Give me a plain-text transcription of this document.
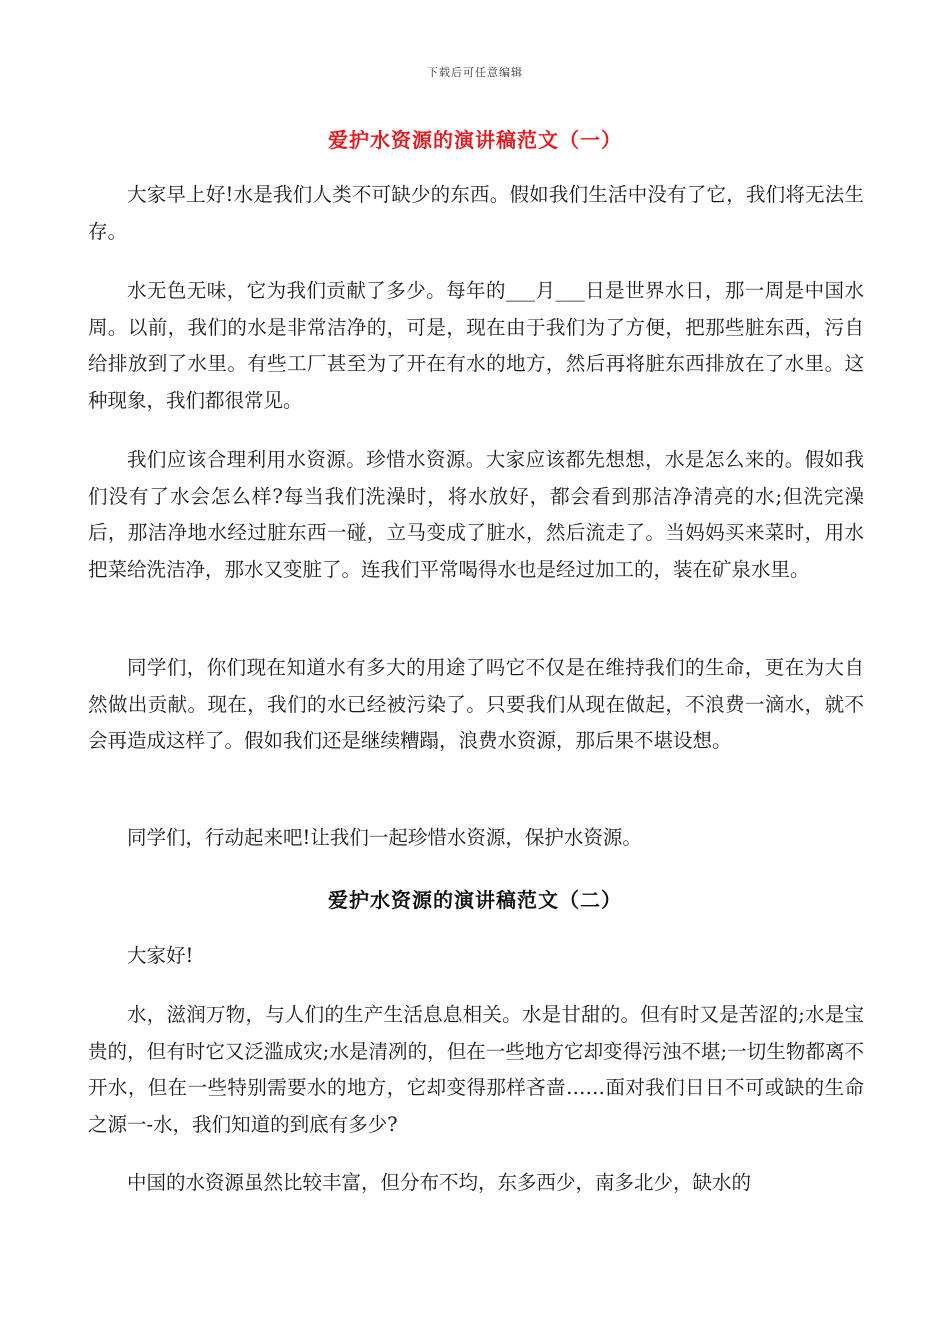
下载后可任意编辑
爱护水资源的演讲稿范文（一）

大家早上好!水是我们人类不可缺少的东西。假如我们生活中没有了它，我们将无法生存。

水无色无味，它为我们贡献了多少。每年的___月___日是世界水日，那一周是中国水周。以前，我们的水是非常洁净的，可是，现在由于我们为了方便，把那些脏东西，污自给排放到了水里。有些工厂甚至为了开在有水的地方，然后再将脏东西排放在了水里。这种现象，我们都很常见。

我们应该合理利用水资源。珍惜水资源。大家应该都先想想，水是怎么来的。假如我们没有了水会怎么样?每当我们洗澡时，将水放好，都会看到那洁净清亮的水;但洗完澡后，那洁净地水经过脏东西一碰，立马变成了脏水，然后流走了。当妈妈买来菜时，用水把菜给洗洁净，那水又变脏了。连我们平常喝得水也是经过加工的，装在矿泉水里。

同学们，你们现在知道水有多大的用途了吗它不仅是在维持我们的生命，更在为大自然做出贡献。现在，我们的水已经被污染了。只要我们从现在做起，不浪费一滴水，就不会再造成这样了。假如我们还是继续糟蹋，浪费水资源，那后果不堪设想。

同学们，行动起来吧!让我们一起珍惜水资源，保护水资源。

爱护水资源的演讲稿范文（二）

大家好!

水，滋润万物，与人们的生产生活息息相关。水是甘甜的。但有时又是苦涩的;水是宝贵的，但有时它又泛滥成灾;水是清冽的，但在一些地方它却变得污浊不堪;一切生物都离不开水，但在一些特别需要水的地方，它却变得那样吝啬……面对我们日日不可或缺的生命之源一-水，我们知道的到底有多少?

中国的水资源虽然比较丰富，但分布不均，东多西少，南多北少，缺水的
